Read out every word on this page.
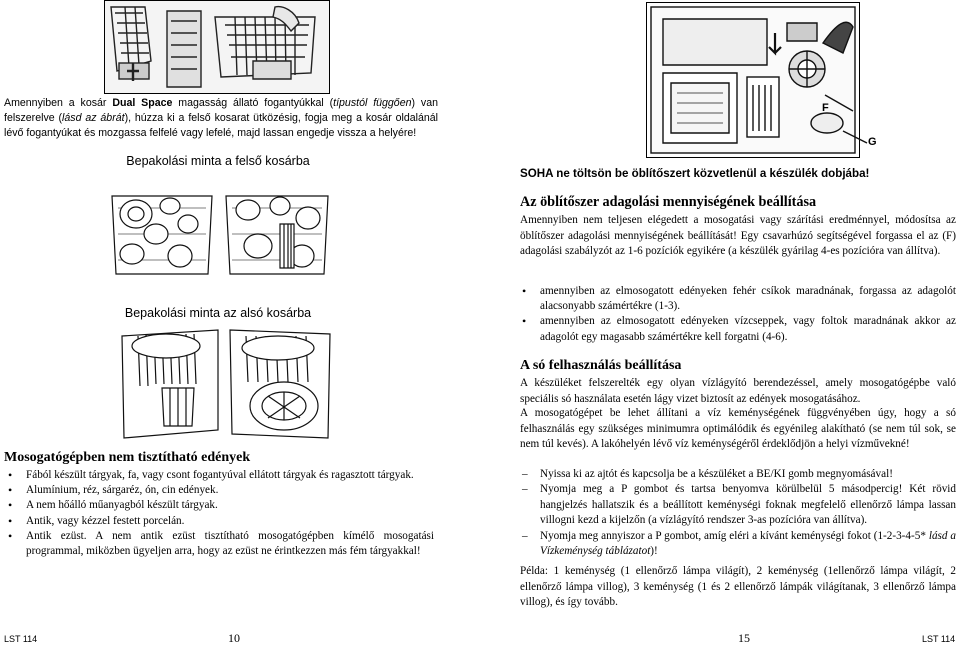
Amennyiben a kosár Dual Space magasság állató fogantyúkkal (típustól függően) van felszerelve (lásd az ábrát), húzza ki a felső kosarat ütközésig, fogja meg a kosár oldalánál lévő fogantyúkat és mozgassa felfelé vagy lefelé, majd lassan engedje vissza a helyére!
Bepakolási minta a felső kosárba
Bepakolási minta az alsó kosárba
Mosogatógépben nem tisztítható edények
• Fából készült tárgyak, fa, vagy csont fogantyúval ellátott tárgyak és ragasztott tárgyak.
• Alumínium, réz, sárgaréz, ón, cin edények.
• A nem hőálló műanyagból készült tárgyak.
• Antik, vagy kézzel festett porcelán.
• Antik ezüst. A nem antik ezüst tisztítható mosogatógépben kímélő mosogatási programmal, miközben ügyeljen arra, hogy az ezüst ne érintkezzen más fém tárgyakkal!
LST 114	10
F
G
SOHA ne töltsön be öblítőszert közvetlenül a készülék dobjába!
Az öblítőszer adagolási mennyiségének beállítása
Amennyiben nem teljesen elégedett a mosogatási vagy szárítási eredménnyel, módosítsa az öblítőszer adagolási mennyiségének beállítását! Egy csavarhúzó segítségével forgassa el az (F) adagolási szabályzót az 1-6 pozíciók egyikére (a készülék gyárilag 4-es pozícióra van állítva).
• amennyiben az elmosogatott edényeken fehér csíkok maradnának, forgassa az adagolót alacsonyabb számértékre (1-3).
• amennyiben az elmosogatott edényeken vízcseppek, vagy foltok maradnának akkor az adagolót egy magasabb számértékre kell forgatni (4-6).
A só felhasználás beállítása
A készüléket felszerelték egy olyan vízlágyító berendezéssel, amely mosogatógépbe való speciális só használata esetén lágy vizet biztosít az edények mosogatásához.
A mosogatógépet be lehet állítani a víz keménységének függvényében úgy, hogy a só felhasználás egy szükséges minimumra optimálódik és egyénileg alakítható (se nem túl sok, se nem túl kevés). A lakóhelyén lévő víz keménységéről érdeklődjön a helyi vízművekné!
– Nyissa ki az ajtót és kapcsolja be a készüléket a BE/KI gomb megnyomásával!
– Nyomja meg a P gombot és tartsa benyomva körülbelül 5 másodpercig! Két rövid hangjelzés hallatszik és a beállított keménységi foknak megfelelő ellenőrző lámpa lassan villogni kezd a kijelzőn (a vízlágyító rendszer 3-as pozícióra van állítva).
– Nyomja meg annyiszor a P gombot, amíg eléri a kívánt keménységi fokot (1-2-3-4-5* lásd a Vízkeménység táblázatot)!
Példa: 1 keménység (1 ellenőrző lámpa világít), 2 keménység (1ellenőrző lámpa világít, 2 ellenőrző lámpa villog), 3 keménység (1 és 2 ellenőrző lámpák világítanak, 3 ellenőrző lámpa villog), és így tovább.
15	LST 114
